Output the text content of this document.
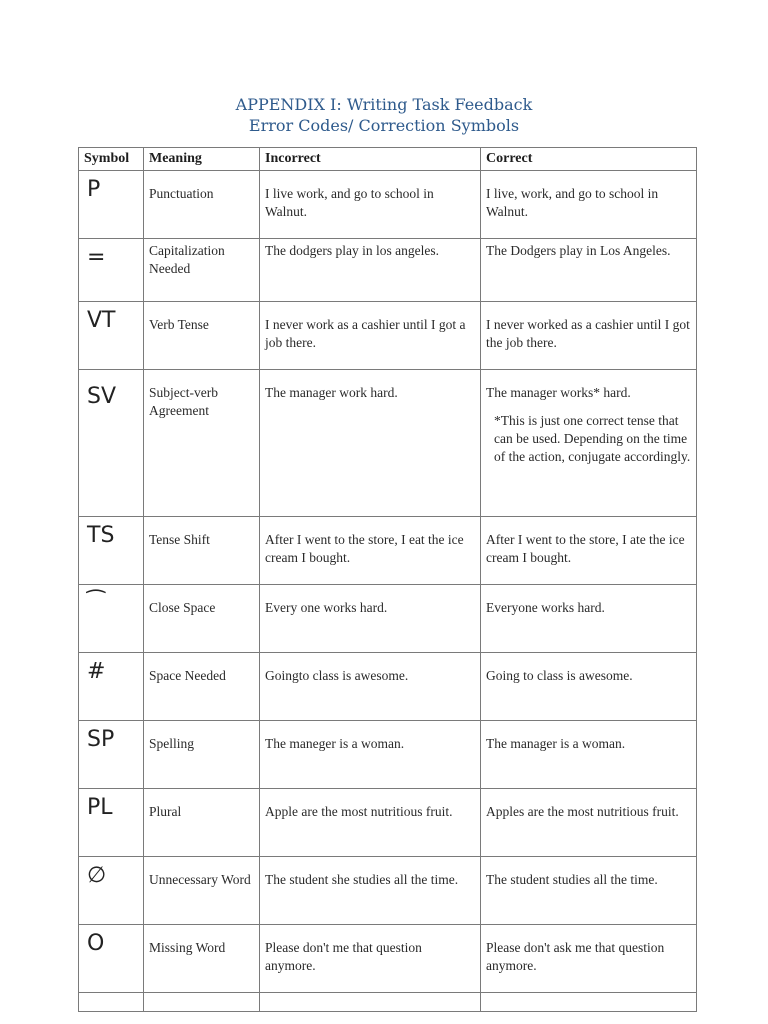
APPENDIX I: Writing Task Feedback
Error Codes/ Correction Symbols
Symbol	Meaning	Incorrect	Correct
P	Punctuation	I live work, and go to school in Walnut.	I live, work, and go to school in Walnut.
=	Capitalization Needed	The dodgers play in los angeles.	The Dodgers play in Los Angeles.
VT	Verb Tense	I never work as a cashier until I got a job there.	I never worked as a cashier until I got the job there.
SV	Subject-verb Agreement	The manager work hard.	The manager works* hard.
*This is just one correct tense that can be used. Depending on the time of the action, conjugate accordingly.

TS	Tense Shift	After I went to the store, I eat the ice cream I bought.	After I went to the store, I ate the ice cream I bought.
⁀	Close Space	Every one works hard.	Everyone works hard.
#	Space Needed	Goingto class is awesome.	Going to class is awesome.
SP	Spelling	The maneger is a woman.	The manager is a woman.
PL	Plural	Apple are the most nutritious fruit.	Apples are the most nutritious fruit.
∅	Unnecessary Word	The student she studies all the time.	The student studies all the time.
O	Missing Word	Please don't me that question anymore.	Please don't ask me that question anymore.
